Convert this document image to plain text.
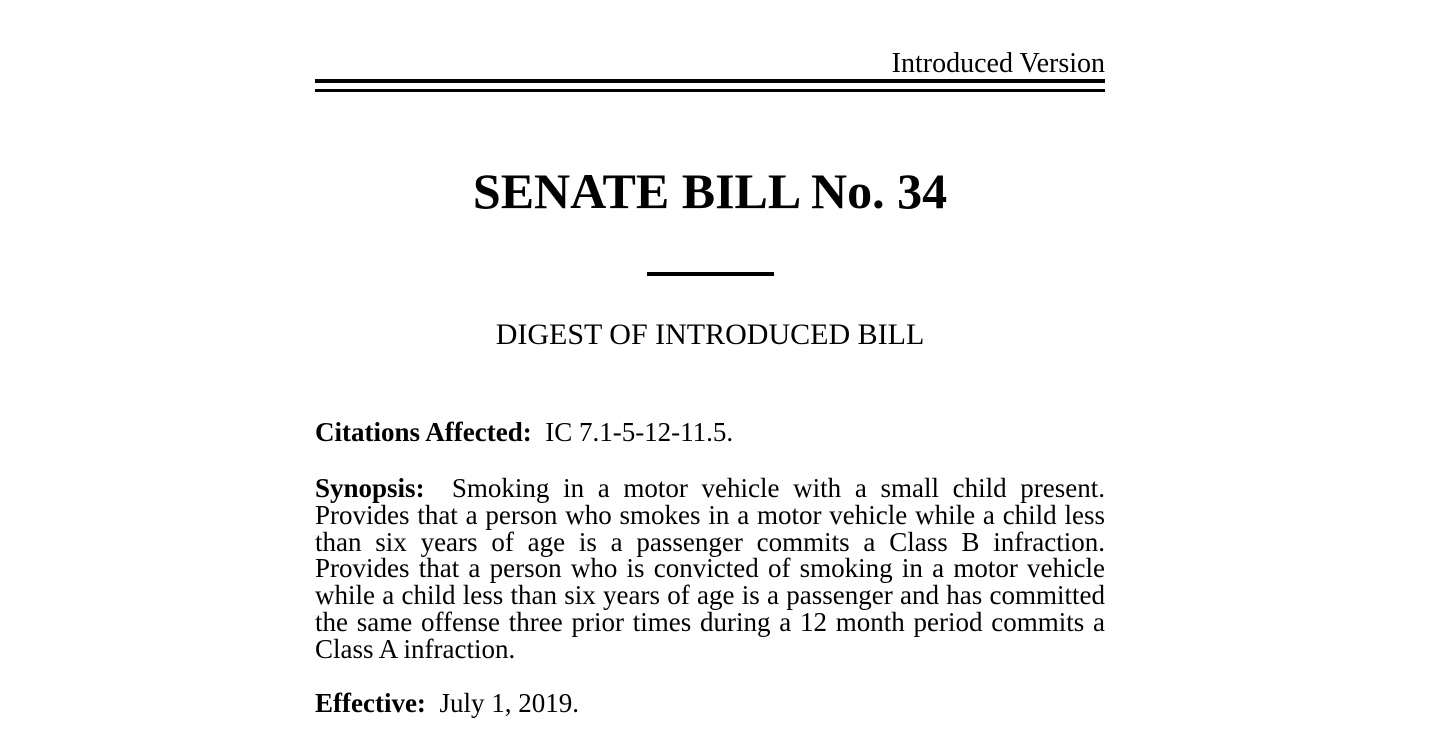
Introduced Version
SENATE BILL No. 34
DIGEST OF INTRODUCED BILL
Citations Affected: IC 7.1-5-12-11.5.
Synopsis: Smoking in a motor vehicle with a small child present. Provides that a person who smokes in a motor vehicle while a child less than six years of age is a passenger commits a Class B infraction. Provides that a person who is convicted of smoking in a motor vehicle while a child less than six years of age is a passenger and has committed the same offense three prior times during a 12 month period commits a Class A infraction.
Effective: July 1, 2019.
